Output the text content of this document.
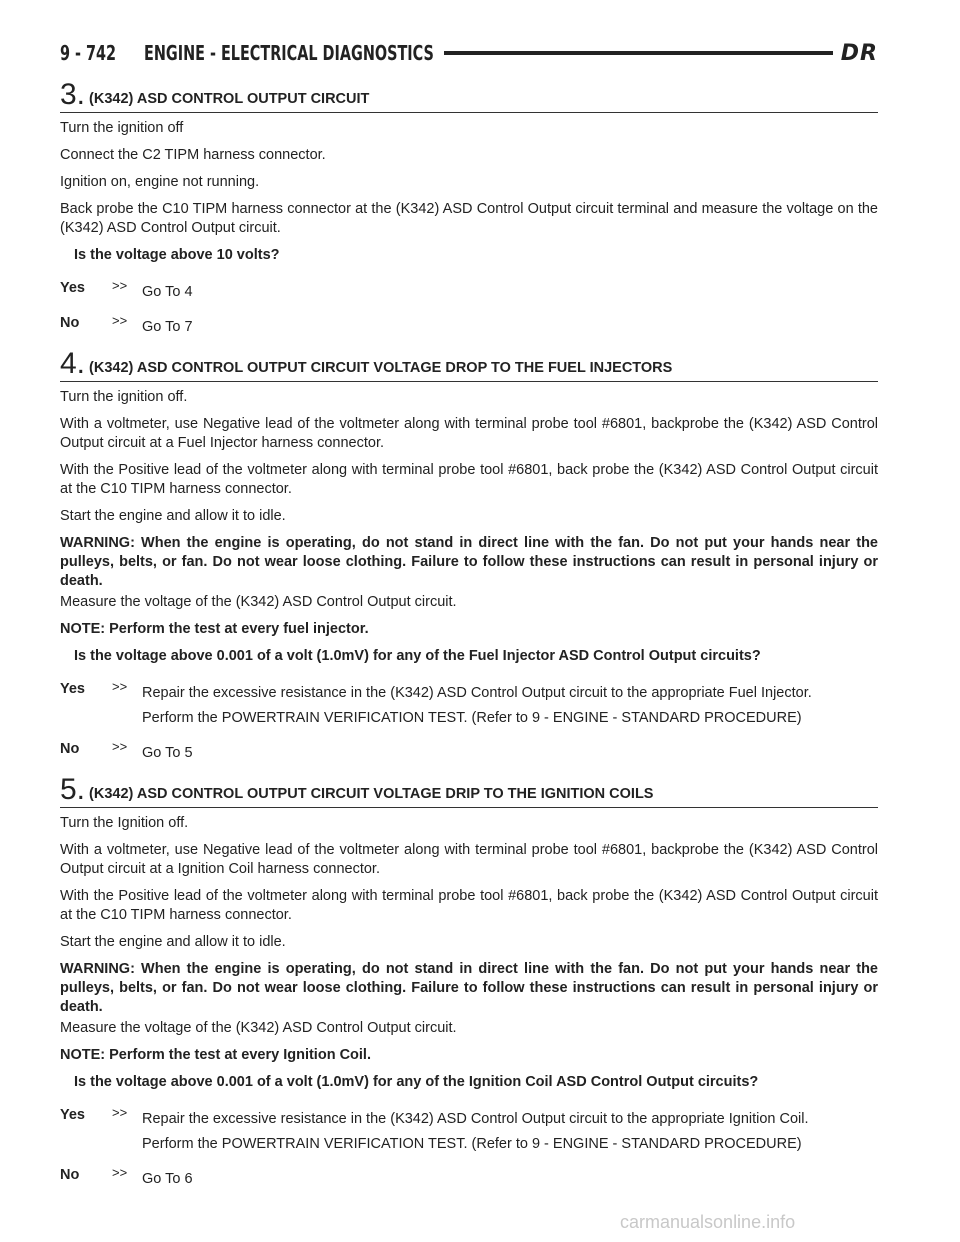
9 - 742 ENGINE - ELECTRICAL DIAGNOSTICS	DR
3. (K342) ASD CONTROL OUTPUT CIRCUIT

Turn the ignition off

Connect the C2 TIPM harness connector.

Ignition on, engine not running.

Back probe the C10 TIPM harness connector at the (K342) ASD Control Output circuit terminal and measure the voltage on the (K342) ASD Control Output circuit.

Is the voltage above 10 volts?

Yes >> Go To 4

No	>> Go To 7

4. (K342) ASD CONTROL OUTPUT CIRCUIT VOLTAGE DROP TO THE FUEL INJECTORS

Turn the ignition off.

With a voltmeter, use Negative lead of the voltmeter along with terminal probe tool #6801, backprobe the (K342) ASD Control Output circuit at a Fuel Injector harness connector.

With the Positive lead of the voltmeter along with terminal probe tool #6801, back probe the (K342) ASD Control Output circuit at the C10 TIPM harness connector.

Start the engine and allow it to idle.

WARNING: When the engine is operating, do not stand in direct line with the fan. Do not put your hands near the pulleys, belts, or fan. Do not wear loose clothing. Failure to follow these instructions can result in personal injury or death.

Measure the voltage of the (K342) ASD Control Output circuit.

NOTE: Perform the test at every fuel injector.

Is the voltage above 0.001 of a volt (1.0mV) for any of the Fuel Injector ASD Control Output circuits?

Yes >> Repair the excessive resistance in the (K342) ASD Control Output circuit to the appropriate Fuel Injector.

Perform the POWERTRAIN VERIFICATION TEST. (Refer to 9 - ENGINE - STANDARD PROCEDURE)

No	>> Go To 5

5. (K342) ASD CONTROL OUTPUT CIRCUIT VOLTAGE DRIP TO THE IGNITION COILS

Turn the Ignition off.

With a voltmeter, use Negative lead of the voltmeter along with terminal probe tool #6801, backprobe the (K342) ASD Control Output circuit at a Ignition Coil harness connector.

With the Positive lead of the voltmeter along with terminal probe tool #6801, back probe the (K342) ASD Control Output circuit at the C10 TIPM harness connector.

Start the engine and allow it to idle.

WARNING: When the engine is operating, do not stand in direct line with the fan. Do not put your hands near the pulleys, belts, or fan. Do not wear loose clothing. Failure to follow these instructions can result in personal injury or death.

Measure the voltage of the (K342) ASD Control Output circuit.

NOTE: Perform the test at every Ignition Coil.

Is the voltage above 0.001 of a volt (1.0mV) for any of the Ignition Coil ASD Control Output circuits?

Yes >> Repair the excessive resistance in the (K342) ASD Control Output circuit to the appropriate Ignition Coil.

Perform the POWERTRAIN VERIFICATION TEST. (Refer to 9 - ENGINE - STANDARD PROCEDURE)

No	>> Go To 6

carmanualsonline.info
